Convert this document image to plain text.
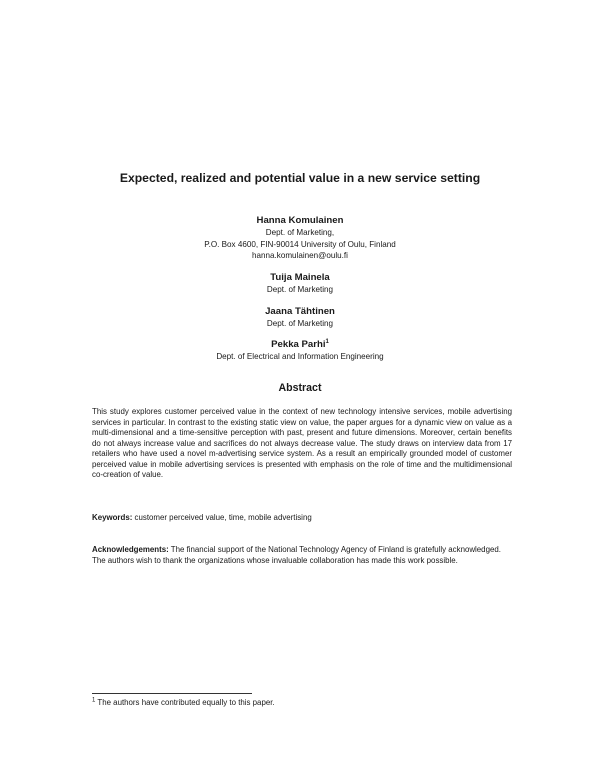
Expected, realized and potential value in a new service setting
Hanna Komulainen
Dept. of Marketing,
P.O. Box 4600, FIN-90014 University of Oulu, Finland
hanna.komulainen@oulu.fi
Tuija Mainela
Dept. of Marketing
Jaana Tähtinen
Dept. of Marketing
Pekka Parhi$^1$
Dept. of Electrical and Information Engineering
Abstract
This study explores customer perceived value in the context of new technology intensive services, mobile advertising services in particular. In contrast to the existing static view on value, the paper argues for a dynamic view on value as a multi-dimensional and a time-sensitive perception with past, present and future dimensions. Moreover, certain benefits do not always increase value and sacrifices do not always decrease value. The study draws on interview data from 17 retailers who have used a novel m-advertising service system. As a result an empirically grounded model of customer perceived value in mobile advertising services is presented with emphasis on the role of time and the multidimensional co-creation of value.
Keywords: customer perceived value, time, mobile advertising
Acknowledgements: The financial support of the National Technology Agency of Finland is gratefully acknowledged. The authors wish to thank the organizations whose invaluable collaboration has made this work possible.
$^1$ The authors have contributed equally to this paper.
